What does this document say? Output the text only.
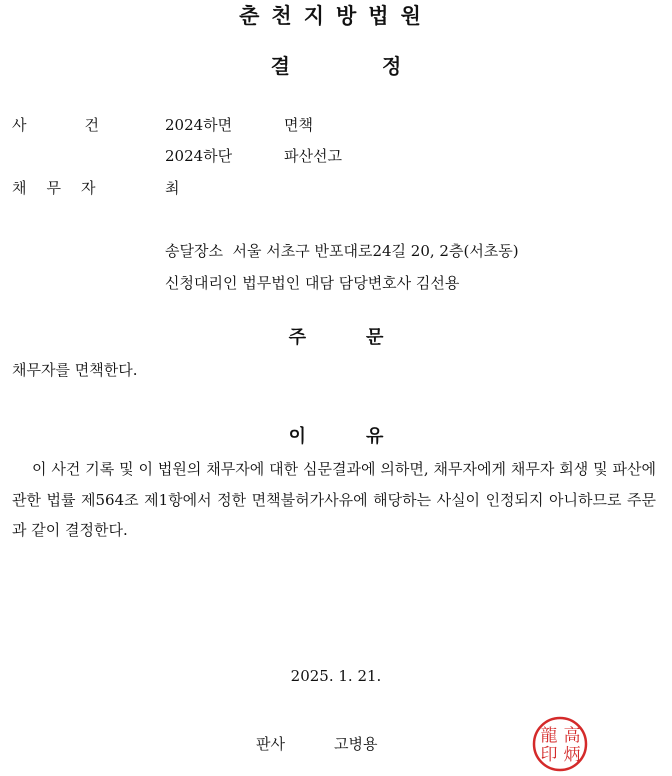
춘천지방법원
결정
사건 2024하면	면책
2024하단	파산선고
채무자	최
송달장소 서울 서초구 반포대로24길 20, 2층(서초동)
신청대리인 법무법인 대담 담당변호사 김선용
주문
채무자를 면책한다.
이유
이 사건 기록 및 이 법원의 채무자에 대한 심문결과에 의하면, 채무자에게 채무자 회생 및 파산에 관한 법률 제564조 제1항에서 정한 면책불허가사유에 해당하는 사실이 인정되지 아니하므로 주문과 같이 결정한다.
2025. 1. 21.
판사	고병용	高
炳
龍
印
